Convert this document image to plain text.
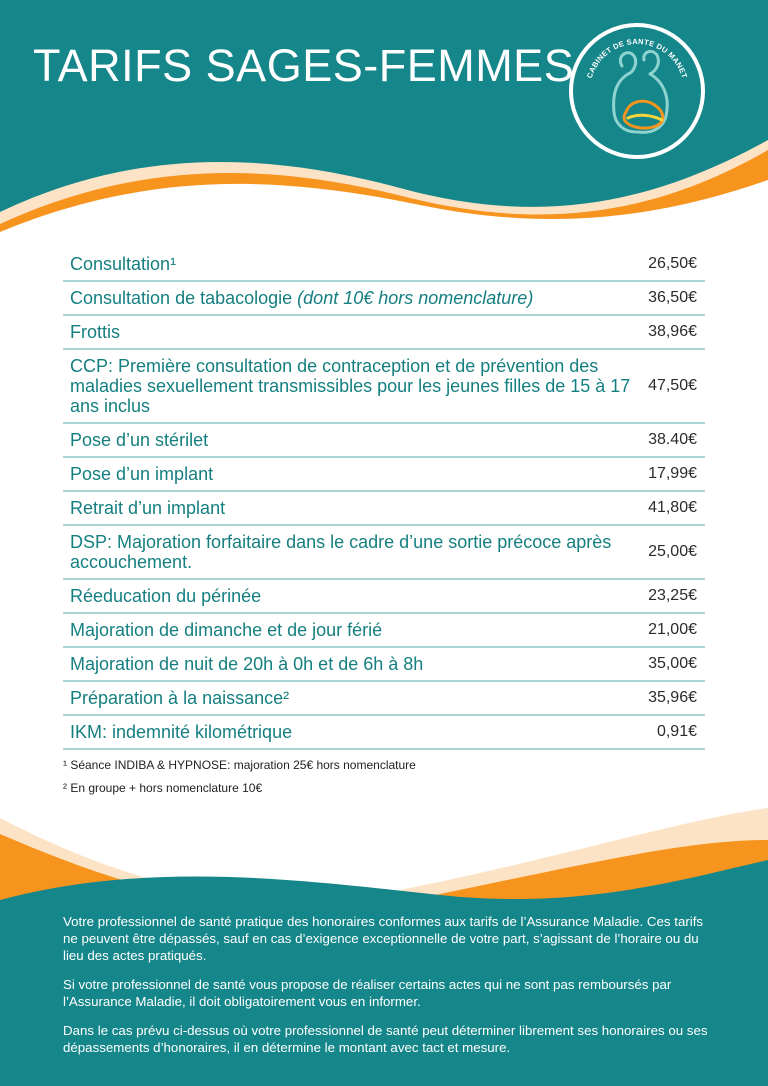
TARIFS SAGES-FEMMES CABINET DE SANTE DU MANET
Consultation¹	26,50€
Consultation de tabacologie (dont 10€ hors nomenclature)	36,50€
Frottis	38,96€
CCP: Première consultation de contraception et de prévention des maladies sexuellement transmissibles pour les jeunes filles de 15 à 17 ans inclus	47,50€
Pose d’un stérilet	38.40€
Pose d’un implant	17,99€
Retrait d’un implant	41,80€
DSP: Majoration forfaitaire dans le cadre d’une sortie précoce après accouchement.	25,00€
Réeducation du périnée	23,25€
Majoration de dimanche et de jour férié	21,00€
Majoration de nuit de 20h à 0h et de 6h à 8h	35,00€
Préparation à la naissance²	35,96€
IKM: indemnité kilométrique	0,91€

¹ Séance INDIBA & HYPNOSE: majoration 25€ hors nomenclature

² En groupe + hors nomenclature 10€

Votre professionnel de santé pratique des honoraires conformes aux tarifs de l’Assurance Maladie. Ces tarifs ne peuvent être dépassés, sauf en cas d’exigence exceptionnelle de votre part, s’agissant de l’horaire ou du lieu des actes pratiqués.

Si votre professionnel de santé vous propose de réaliser certains actes qui ne sont pas remboursés par l’Assurance Maladie, il doit obligatoirement vous en informer.

Dans le cas prévu ci-dessus où votre professionnel de santé peut déterminer librement ses honoraires ou ses dépassements d’honoraires, il en détermine le montant avec tact et mesure.
